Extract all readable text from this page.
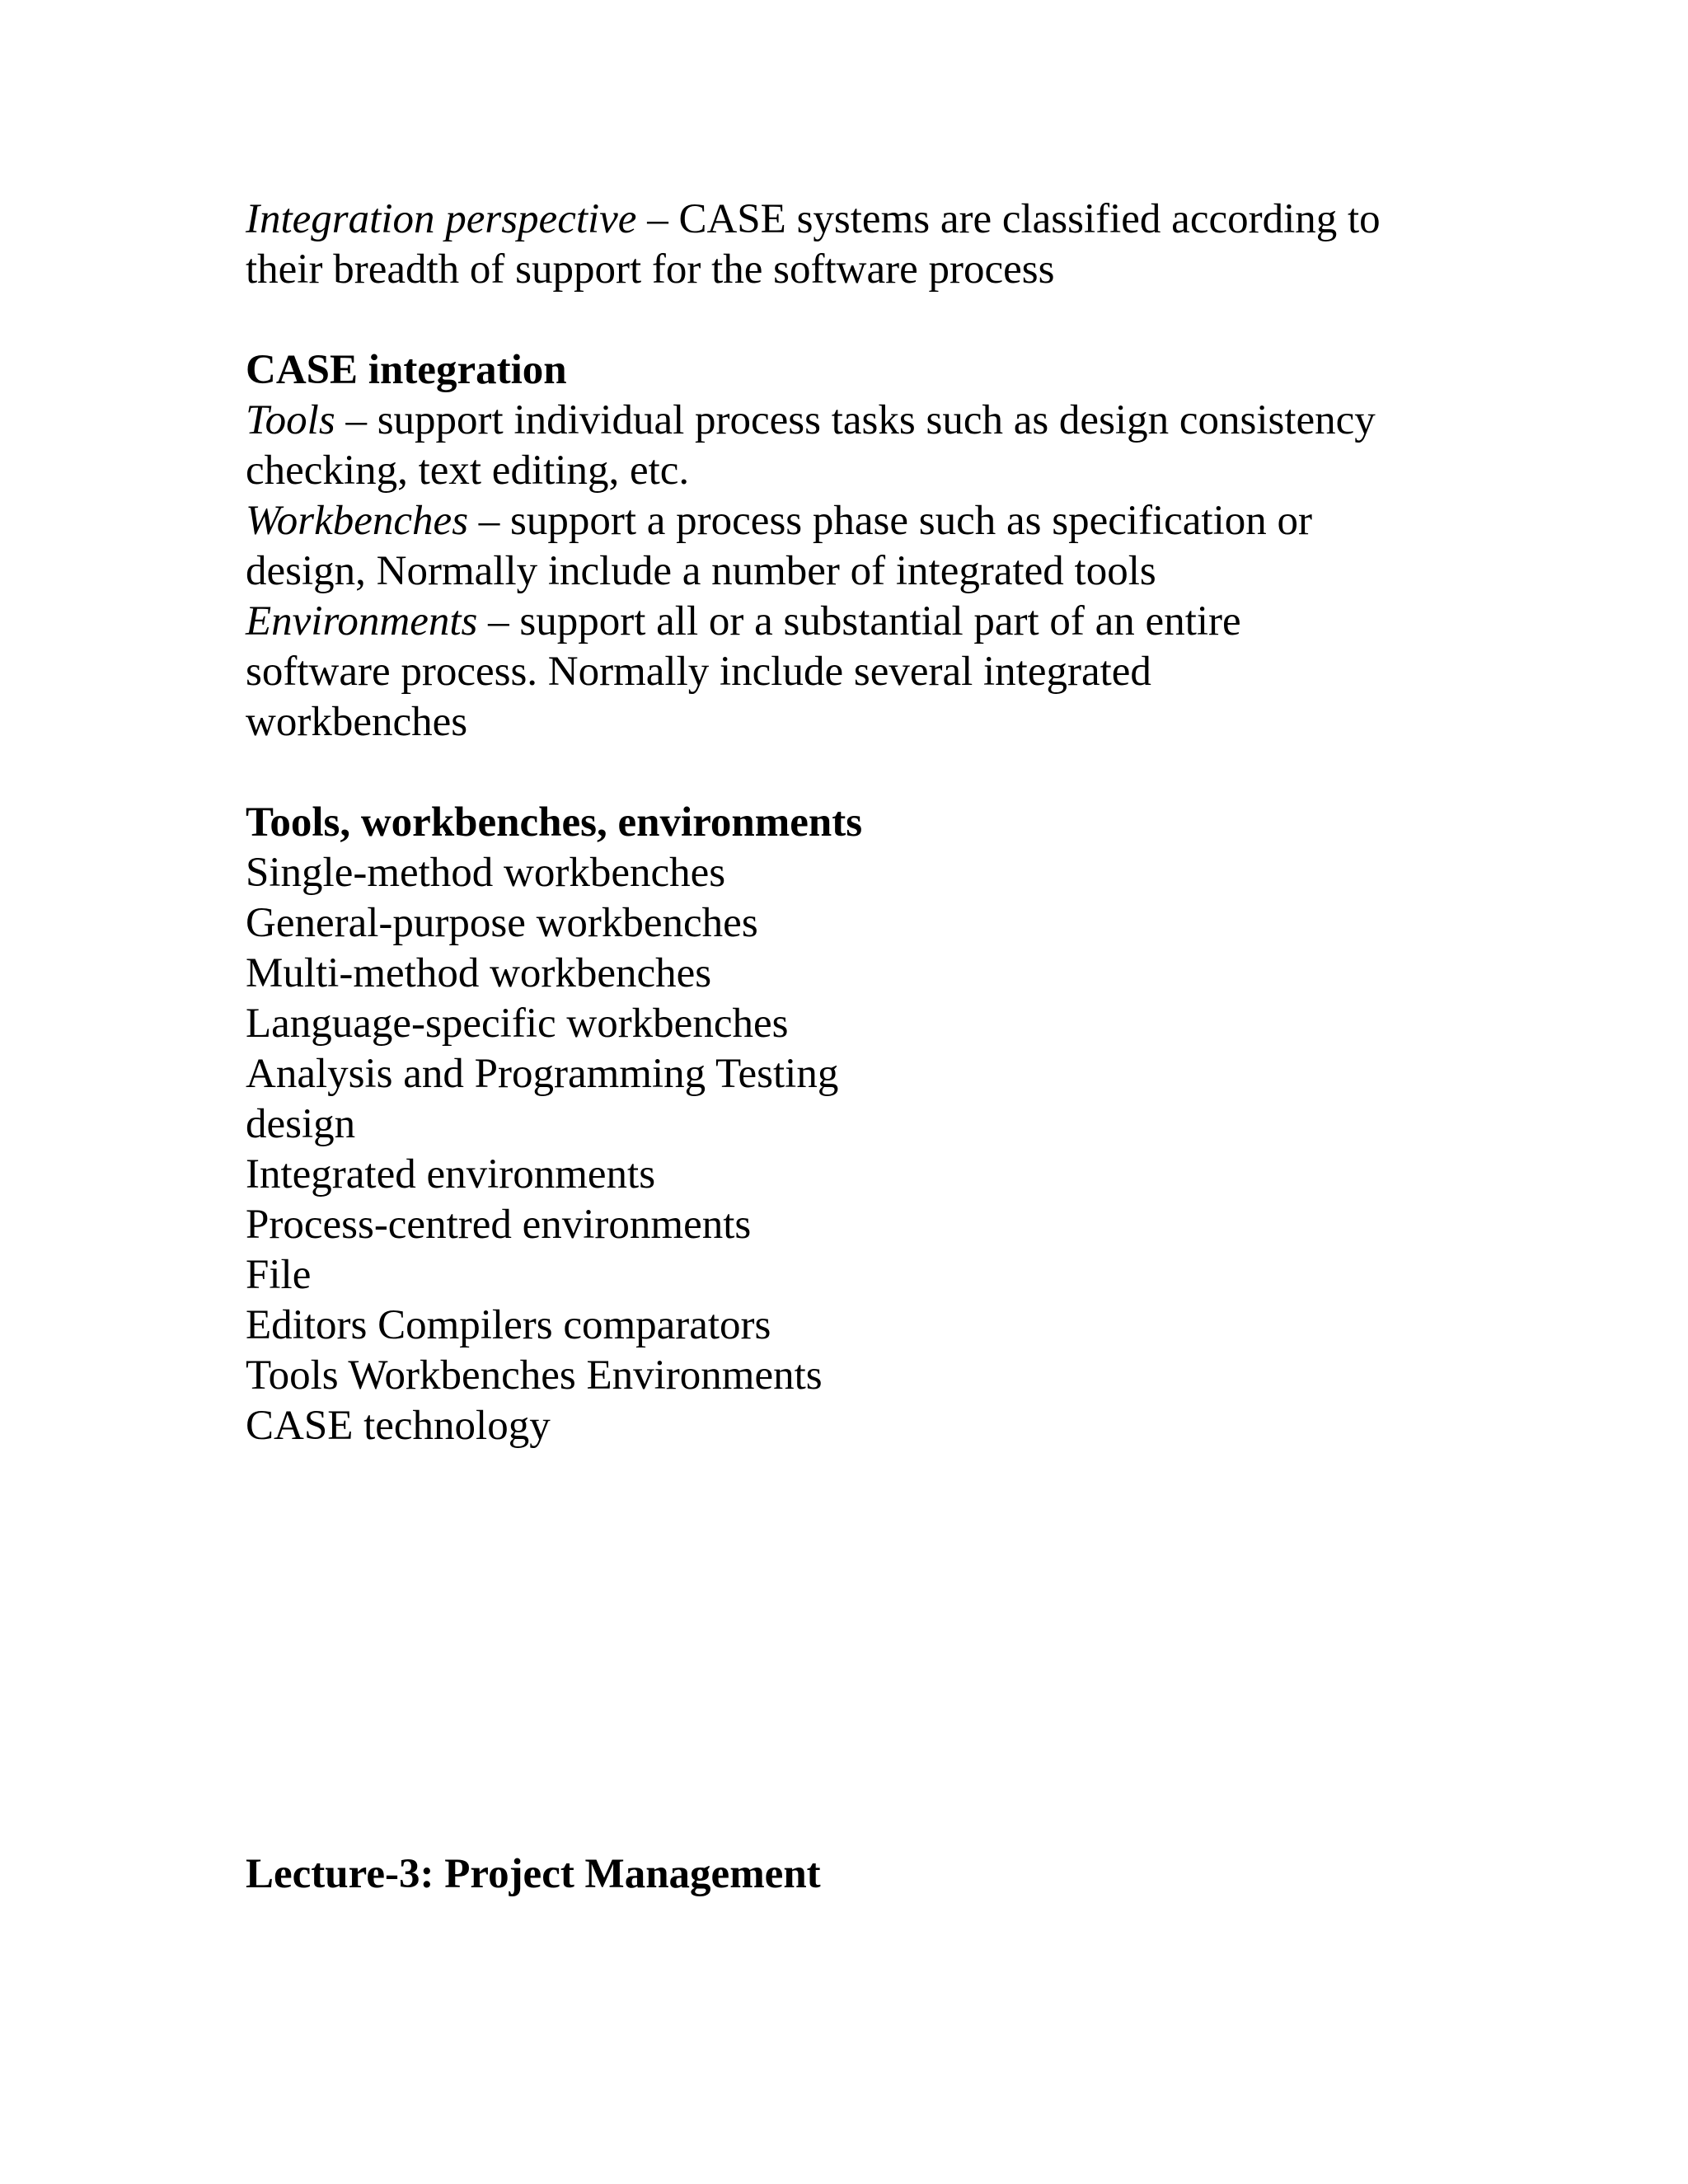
Integration perspective – CASE systems are classified according to

their breadth of support for the software process

CASE integration

Tools – support individual process tasks such as design consistency

checking, text editing, etc.

Workbenches – support a process phase such as specification or

design, Normally include a number of integrated tools

Environments – support all or a substantial part of an entire

software process. Normally include several integrated

workbenches

Tools, workbenches, environments

Single-method workbenches

General-purpose workbenches

Multi-method workbenches

Language-specific workbenches

Analysis and Programming Testing

design

Integrated environments

Process-centred environments

File

Editors Compilers comparators

Tools Workbenches Environments

CASE technology

Lecture-3: Project Management
